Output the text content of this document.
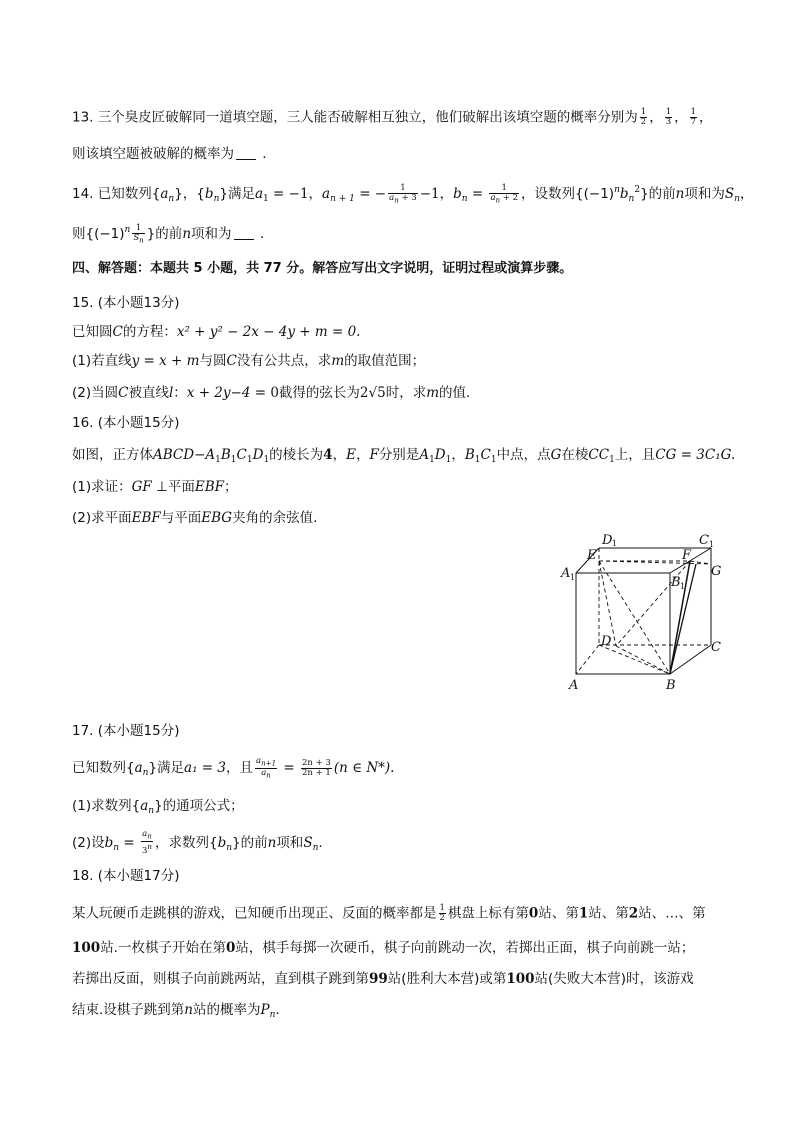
13. 三个臭皮匠破解同一道填空题，三人能否破解相互独立，他们破解出该填空题的概率分别为 $\frac{1}{2}$ ， $\frac{1}{3}$ ， $\frac{1}{7}$ ，
则该填空题被破解的概率为 .
14. 已知数列$\{a_n\}$，$\{b_n\}$满足$a_1 = -1$，$a_{n + 1}$ = − $\frac{1}{a_n + 3} -1$，$b_n = \frac{1}{a_n + 2}$ ，设数列$\{(-1)^nb_n^2\}$的前n项和为$S_n$，
则{$(-1)^n \frac{1}{S_n}$ }的前n项和为 .
四、解答题：本题共 5 小题，共 77 分。解答应写出文字说明，证明过程或演算步骤。
15. (本小题13分)
已知圆C的方程：x² + y² − 2x − 4y + m = 0.
(1)若直线y = x + m与圆C没有公共点，求m的取值范围；
(2)当圆C被直线l：x + 2y−4 = 0截得的弦长为2√5时，求m的值.
16. (本小题15分)
如图，正方体$ABCD-A_1B_1C_1D_1$的棱长为4，E，F分别是$A_1D_1$，$B_1C_1$中点，点G在棱$CC_1$上，且CG = 3C₁G.
(1)求证：GF ⊥平面EBF；
(2)求平面EBF与平面EBG夹角的余弦值.
D 1	C 1
E	F
A 1	B 1
G
D	C
A	B
17. (本小题15分)
已知数列$\{a_n\}$满足a₁ = 3，且 $\frac{a_{n+1}}{a_n} = \frac{2n + 3}{2n + 1} (n$ ∈ N*).
(1)求数列$\{a_n\}$的通项公式；
(2)设$b_n = \frac{a_n}{3^n}$ ，求数列$\{b_n\}$的前n项和$S_n$.
18. (本小题17分)
某人玩硬币走跳棋的游戏，已知硬币出现正、反面的概率都是 $\frac{1}{2}$ 棋盘上标有第0站、第1站、第2站、…、第
100站.一枚棋子开始在第0站，棋手每掷一次硬币，棋子向前跳动一次，若掷出正面，棋子向前跳一站；
若掷出反面，则棋子向前跳两站，直到棋子跳到第99站(胜利大本营)或第100站(失败大本营)时，该游戏
结束.设棋子跳到第n站的概率为$P_n$.
